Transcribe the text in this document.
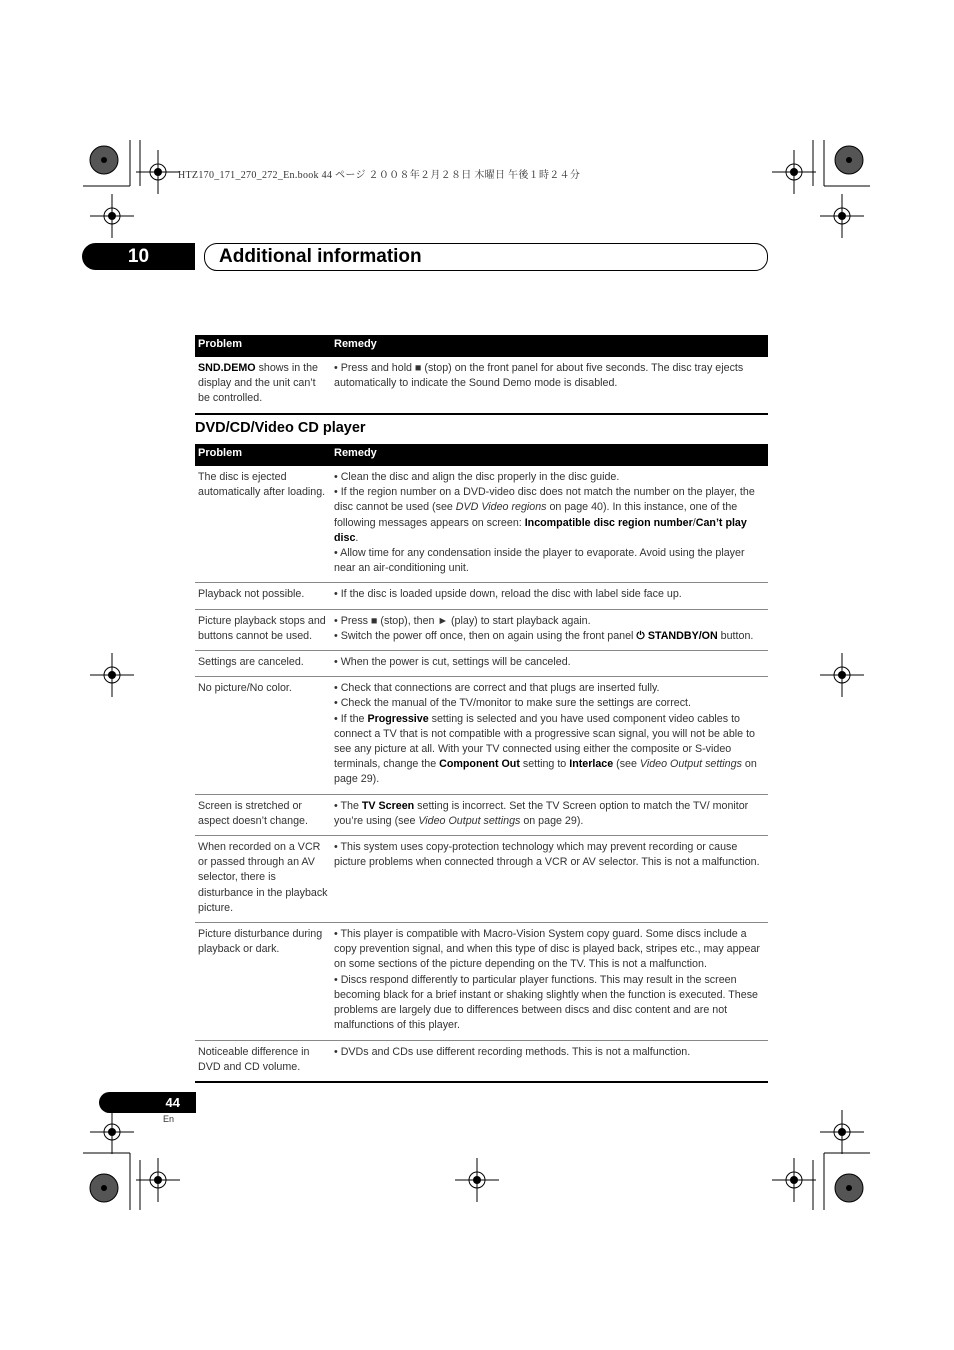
HTZ170_171_270_272_En.book 44 ページ ２００８年２月２８日 木曜日 午後１時２４分
10	Additional information
Problem	Remedy
SND.DEMO shows in the display and the unit can’t be controlled.	• Press and hold ■ (stop) on the front panel for about five seconds. The disc tray ejects automatically to indicate the Sound Demo mode is disabled.
DVD/CD/Video CD player
Problem	Remedy
The disc is ejected automatically after loading.	• Clean the disc and align the disc properly in the disc guide.
• If the region number on a DVD-video disc does not match the number on the player, the disc cannot be used (see DVD Video regions on page 40). In this instance, one of the following messages appears on screen: Incompatible disc region number/Can’t play disc.
• Allow time for any condensation inside the player to evaporate. Avoid using the player near an air-conditioning unit.

Playback not possible.	• If the disc is loaded upside down, reload the disc with label side face up.
Picture playback stops and buttons cannot be used.	• Press ■ (stop), then ► (play) to start playback again.
• Switch the power off once, then on again using the front panel ⏻ STANDBY/ON button.

Settings are canceled.	• When the power is cut, settings will be canceled.
No picture/No color.	• Check that connections are correct and that plugs are inserted fully.
• Check the manual of the TV/monitor to make sure the settings are correct.
• If the Progressive setting is selected and you have used component video cables to connect a TV that is not compatible with a progressive scan signal, you will not be able to see any picture at all. With your TV connected using either the composite or S-video terminals, change the Component Out setting to Interlace (see Video Output settings on page 29).

Screen is stretched or aspect doesn’t change.	• The TV Screen setting is incorrect. Set the TV Screen option to match the TV/ monitor you’re using (see Video Output settings on page 29).
When recorded on a VCR or passed through an AV selector, there is disturbance in the playback picture.	• This system uses copy-protection technology which may prevent recording or cause picture problems when connected through a VCR or AV selector. This is not a malfunction.
Picture disturbance during playback or dark.	• This player is compatible with Macro-Vision System copy guard. Some discs include a copy prevention signal, and when this type of disc is played back, stripes etc., may appear on some sections of the picture depending on the TV. This is not a malfunction.
• Discs respond differently to particular player functions. This may result in the screen becoming black for a brief instant or shaking slightly when the function is executed. These problems are largely due to differences between discs and disc content and are not malfunctions of this player.

Noticeable difference in DVD and CD volume.	• DVDs and CDs use different recording methods. This is not a malfunction.
44
En
